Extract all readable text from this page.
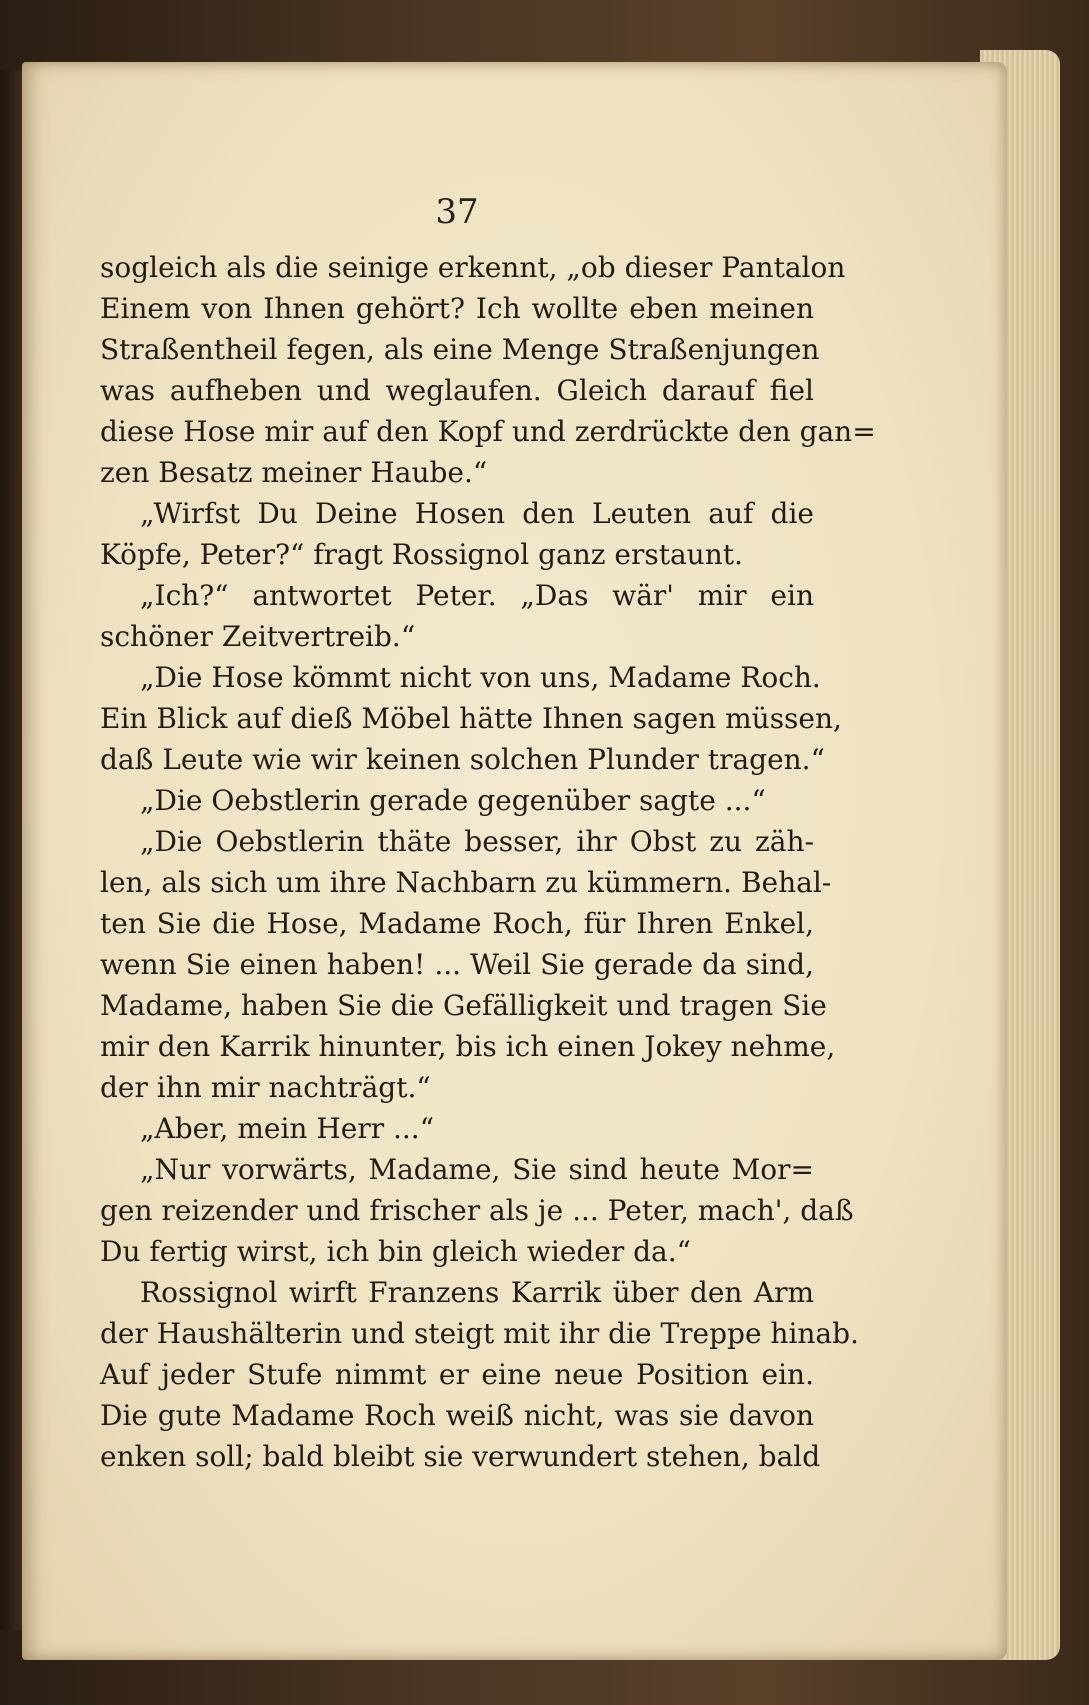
37
sogleich als die seinige erkennt, „ob dieser Pantalon
Einem von Ihnen gehört? Ich wollte eben meinen
Straßentheil fegen, als eine Menge Straßenjungen
was aufheben und weglaufen. Gleich darauf fiel
diese Hose mir auf den Kopf und zerdrückte den gan=
zen Besatz meiner Haube.“
„Wirfst Du Deine Hosen den Leuten auf die
Köpfe, Peter?“ fragt Rossignol ganz erstaunt.
„Ich?“ antwortet Peter. „Das wär' mir ein
schöner Zeitvertreib.“
„Die Hose kömmt nicht von uns, Madame Roch.
Ein Blick auf dieß Möbel hätte Ihnen sagen müssen,
daß Leute wie wir keinen solchen Plunder tragen.“
„Die Oebstlerin gerade gegenüber sagte ...“
„Die Oebstlerin thäte besser, ihr Obst zu zäh-
len, als sich um ihre Nachbarn zu kümmern. Behal-
ten Sie die Hose, Madame Roch, für Ihren Enkel,
wenn Sie einen haben! ... Weil Sie gerade da sind,
Madame, haben Sie die Gefälligkeit und tragen Sie
mir den Karrik hinunter, bis ich einen Jokey nehme,
der ihn mir nachträgt.“
„Aber, mein Herr ...“
„Nur vorwärts, Madame, Sie sind heute Mor=
gen reizender und frischer als je ... Peter, mach', daß
Du fertig wirst, ich bin gleich wieder da.“
Rossignol wirft Franzens Karrik über den Arm
der Haushälterin und steigt mit ihr die Treppe hinab.
Auf jeder Stufe nimmt er eine neue Position ein.
Die gute Madame Roch weiß nicht, was sie davon
enken soll; bald bleibt sie verwundert stehen, bald
